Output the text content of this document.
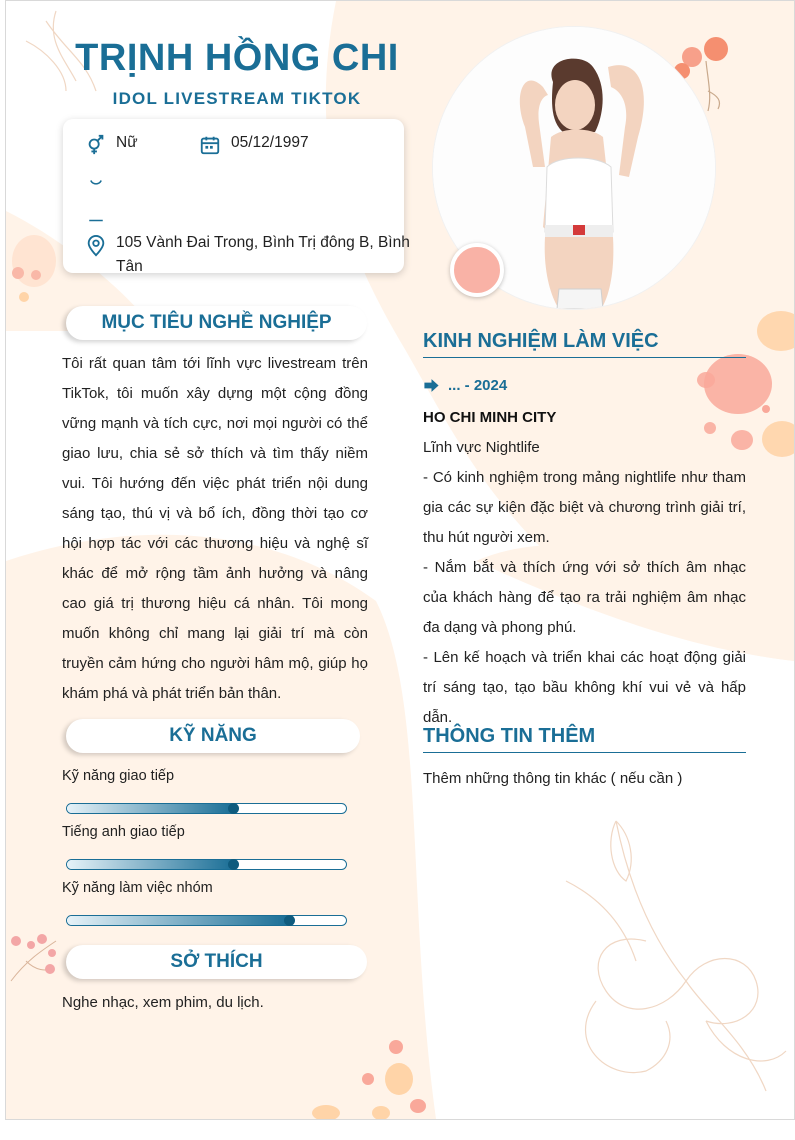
TRỊNH HỒNG CHI
IDOL LIVESTREAM TIKTOK
Nữ	05/12/1997
105 Vành Đai Trong, Bình Trị đông B, Bình Tân
MỤC TIÊU NGHỀ NGHIỆP
Tôi rất quan tâm tới lĩnh vực livestream trên TikTok, tôi muốn xây dựng một cộng đồng vững mạnh và tích cực, nơi mọi người có thể giao lưu, chia sẻ sở thích và tìm thấy niềm vui. Tôi hướng đến việc phát triển nội dung sáng tạo, thú vị và bổ ích, đồng thời tạo cơ hội hợp tác với các thương hiệu và nghệ sĩ khác để mở rộng tầm ảnh hưởng và nâng cao giá trị thương hiệu cá nhân. Tôi mong muốn không chỉ mang lại giải trí mà còn truyền cảm hứng cho người hâm mộ, giúp họ khám phá và phát triển bản thân.
KỸ NĂNG
Kỹ năng giao tiếp
Tiếng anh giao tiếp
Kỹ năng làm việc nhóm
SỞ THÍCH
Nghe nhạc, xem phim, du lịch.
KINH NGHIỆM LÀM VIỆC
... - 2024
HO CHI MINH CITY
Lĩnh vực Nightlife
- Có kinh nghiệm trong mảng nightlife như tham gia các sự kiện đặc biệt và chương trình giải trí, thu hút người xem.
- Nắm bắt và thích ứng với sở thích âm nhạc của khách hàng để tạo ra trải nghiệm âm nhạc đa dạng và phong phú.
- Lên kế hoạch và triển khai các hoạt động giải trí sáng tạo, tạo bầu không khí vui vẻ và hấp dẫn.
THÔNG TIN THÊM
Thêm những thông tin khác ( nếu cần )
